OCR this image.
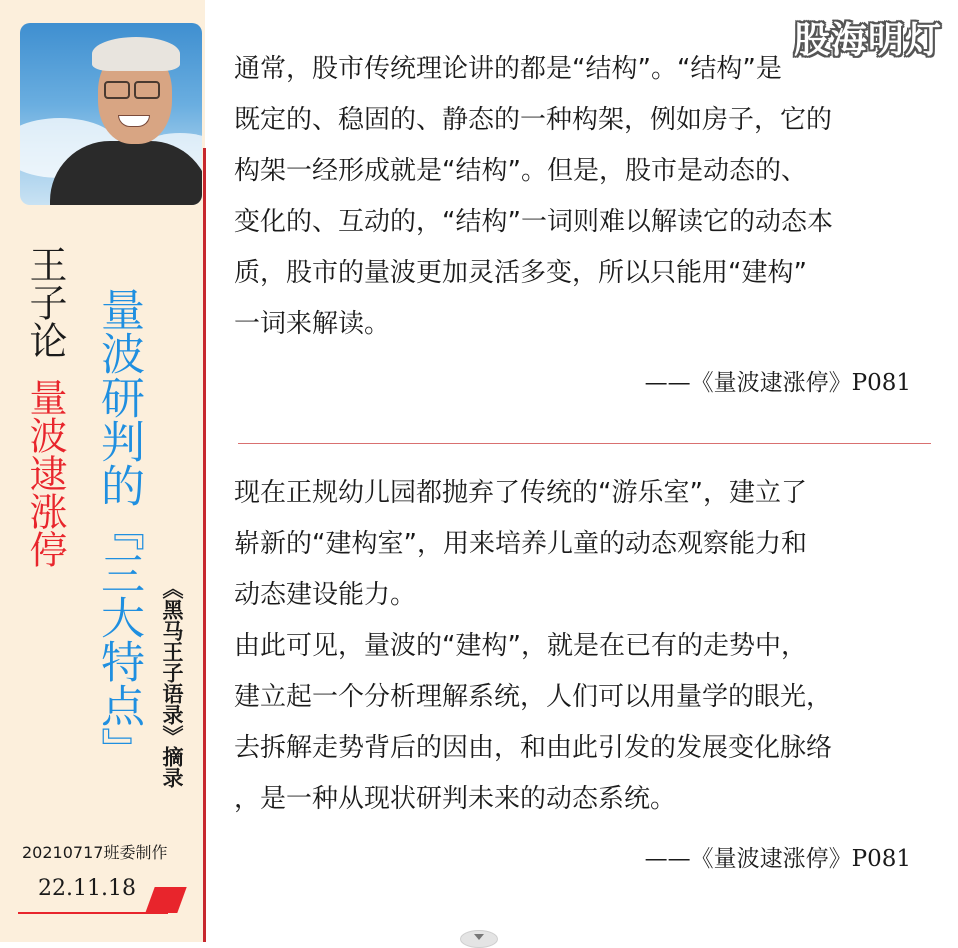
王子论
量波逮涨停 量波研判的『三大特点』 《黑马王子语录》摘录
20210717班委制作
22.11.18
股海明灯
通常，股市传统理论讲的都是“结构”。“结构”是
既定的、稳固的、静态的一种构架，例如房子，它的
构架一经形成就是“结构”。但是，股市是动态的、
变化的、互动的，“结构”一词则难以解读它的动态本
质，股市的量波更加灵活多变，所以只能用“建构”
一词来解读。
——《量波逮涨停》P081
现在正规幼儿园都抛弃了传统的“游乐室”，建立了
崭新的“建构室”，用来培养儿童的动态观察能力和
动态建设能力。
由此可见，量波的“建构”，就是在已有的走势中，
建立起一个分析理解系统，人们可以用量学的眼光，
去拆解走势背后的因由，和由此引发的发展变化脉络
，是一种从现状研判未来的动态系统。
——《量波逮涨停》P081
